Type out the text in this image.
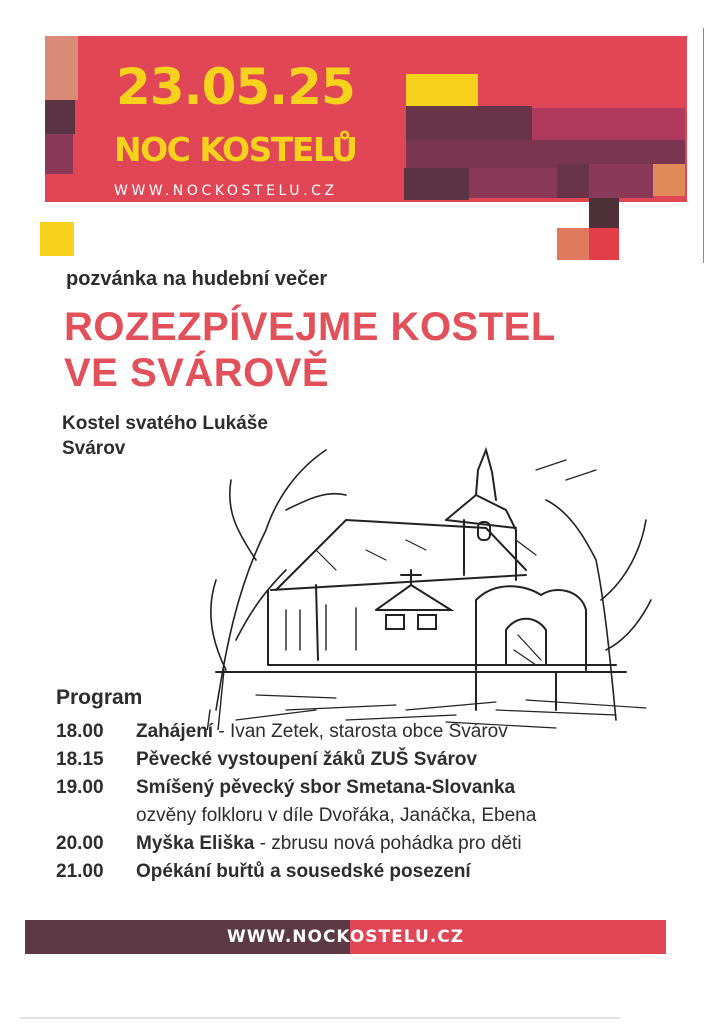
23.05.25
NOC KOSTELŮ
WWW.NOCKOSTELU.CZ
pozvánka na hudební večer
ROZEZPÍVEJME KOSTEL
VE SVÁROVĚ
Kostel svatého Lukáše
Svárov
Program
18.00 Zahájení - Ivan Zetek, starosta obce Svárov
18.15 Pěvecké vystoupení žáků ZUŠ Svárov
19.00 Smíšený pěvecký sbor Smetana-Slovanka
ozvěny folkloru v díle Dvořáka, Janáčka, Ebena
20.00 Myška Eliška - zbrusu nová pohádka pro děti
21.00 Opékání buřtů a sousedské posezení
WWW.NOCKOSTELU.CZ
